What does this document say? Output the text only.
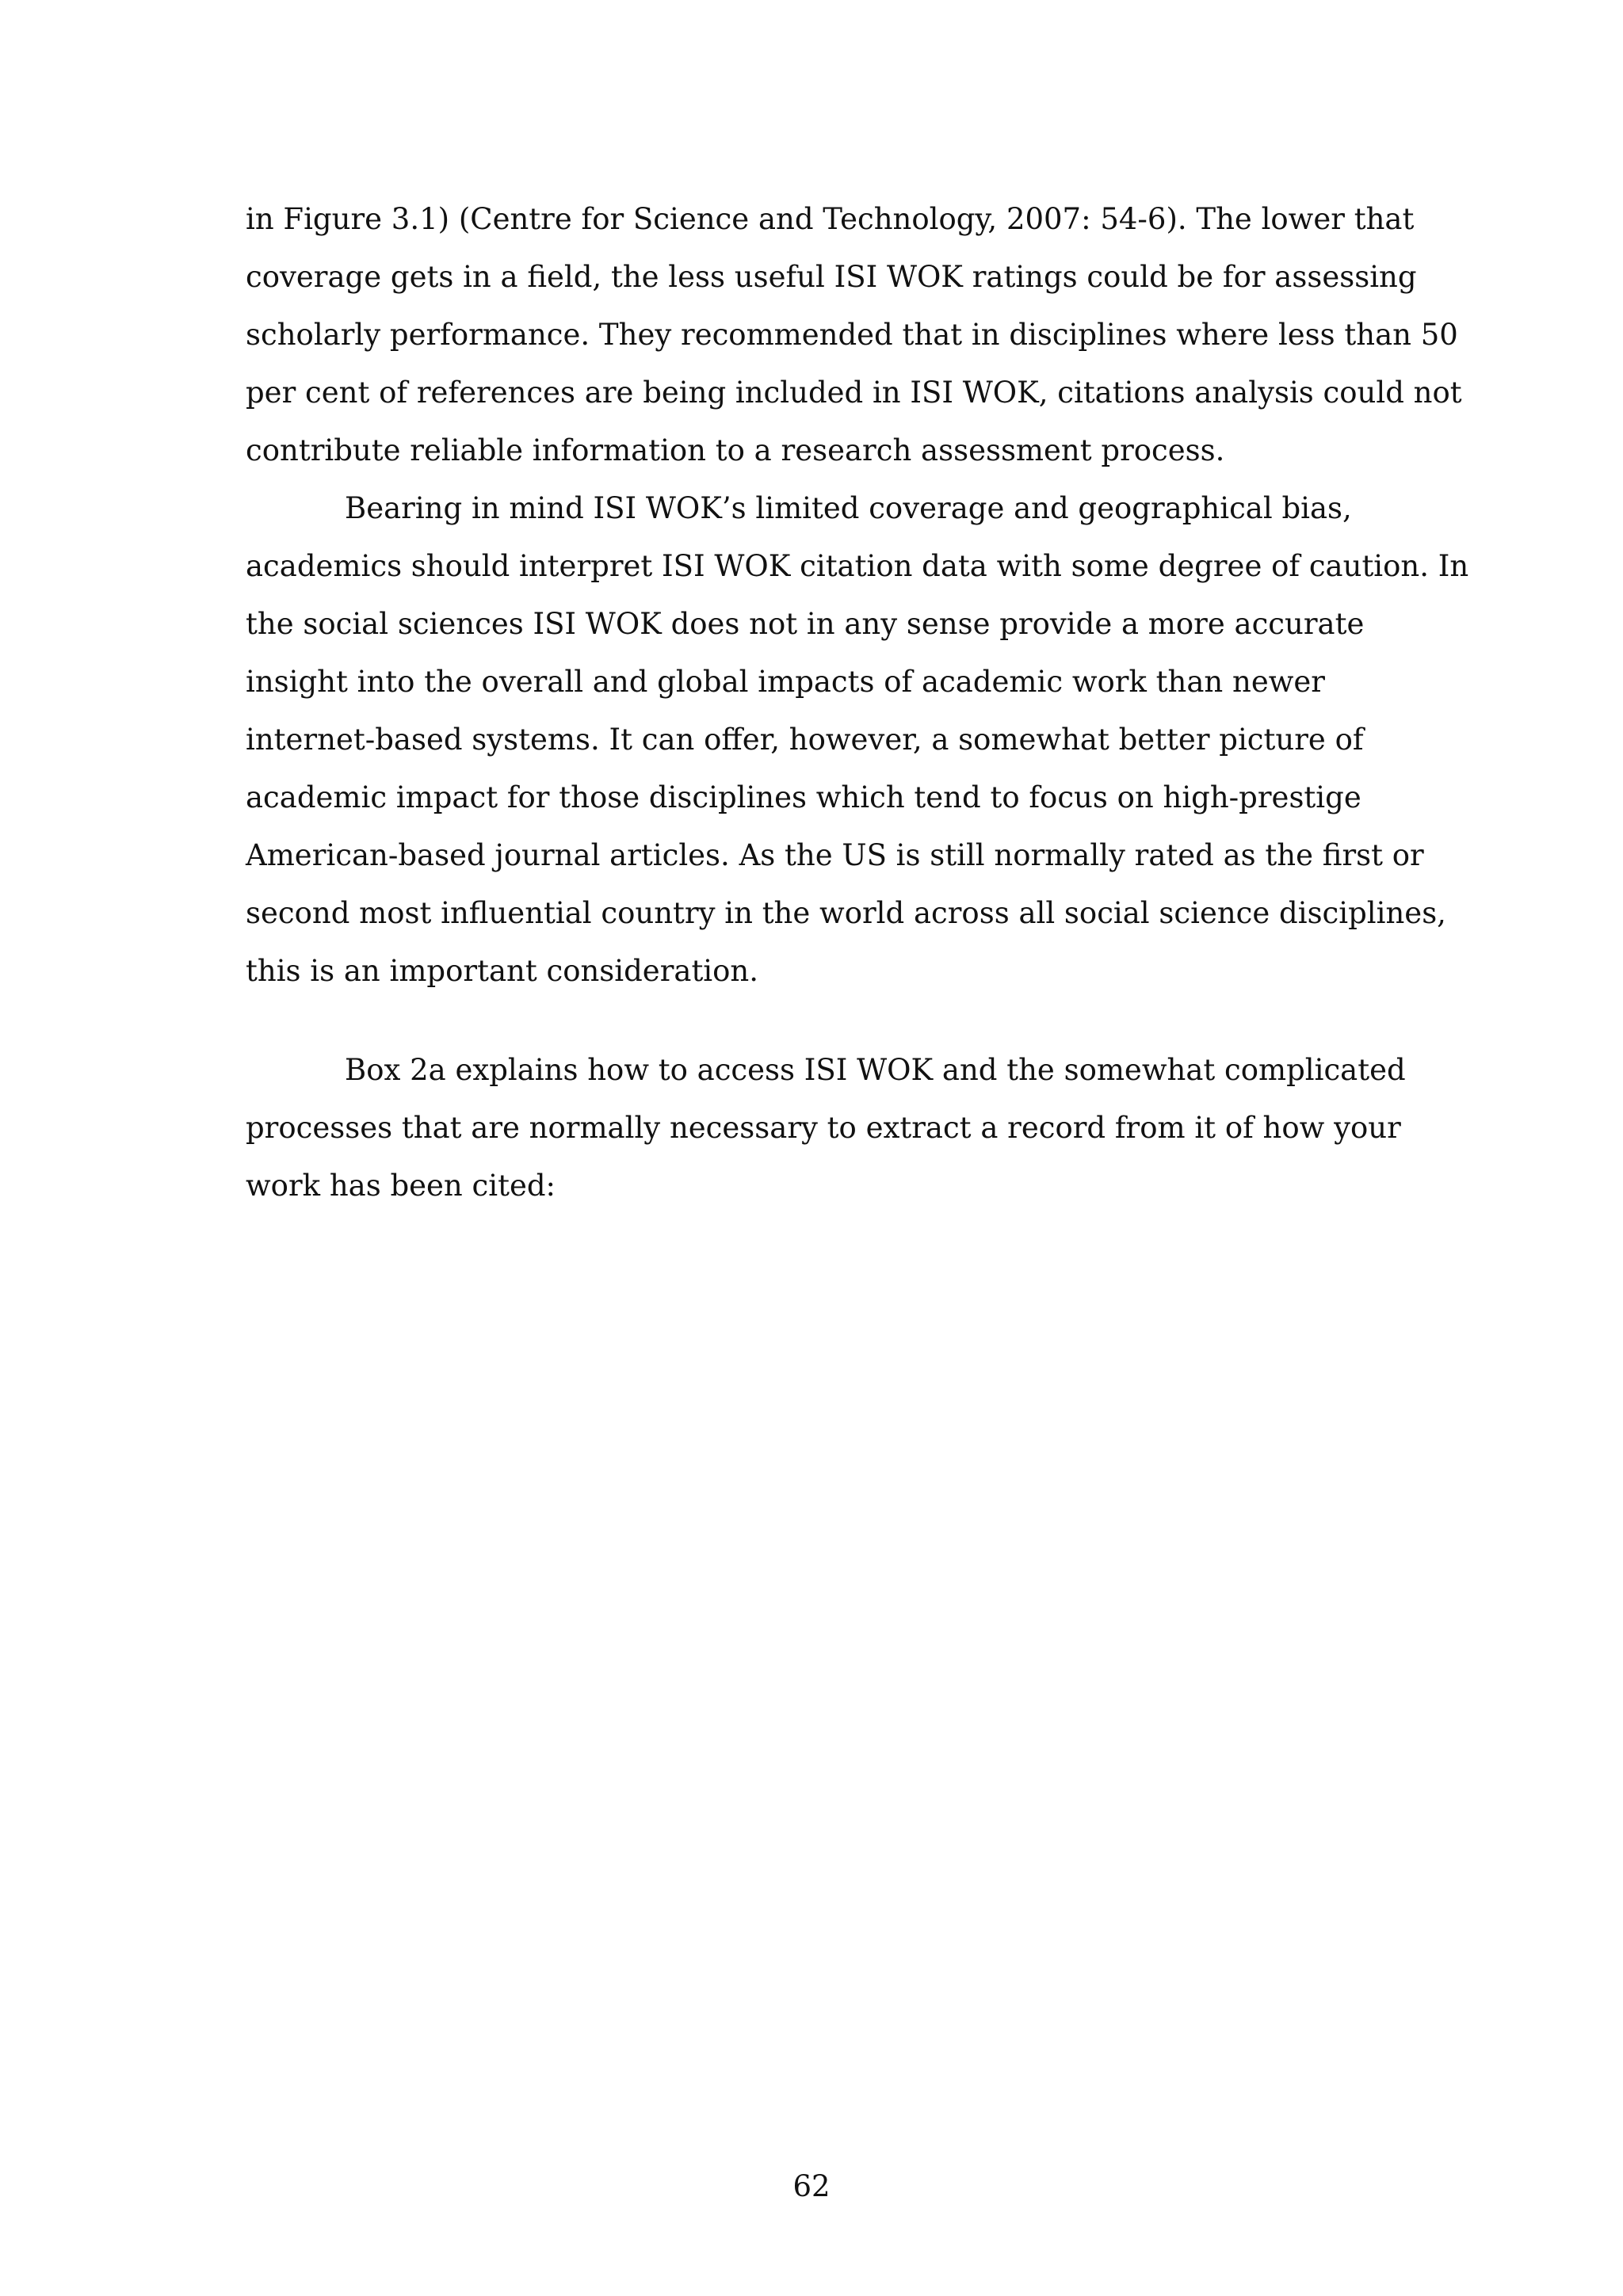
in Figure 3.1) (Centre for Science and Technology, 2007: 54-6). The lower that
coverage gets in a field, the less useful ISI WOK ratings could be for assessing
scholarly performance. They recommended that in disciplines where less than 50
per cent of references are being included in ISI WOK, citations analysis could not
contribute reliable information to a research assessment process.

Bearing in mind ISI WOK’s limited coverage and geographical bias,
academics should interpret ISI WOK citation data with some degree of caution. In
the social sciences ISI WOK does not in any sense provide a more accurate
insight into the overall and global impacts of academic work than newer
internet-based systems. It can offer, however, a somewhat better picture of
academic impact for those disciplines which tend to focus on high-prestige
American-based journal articles. As the US is still normally rated as the first or
second most influential country in the world across all social science disciplines,
this is an important consideration.

Box 2a explains how to access ISI WOK and the somewhat complicated
processes that are normally necessary to extract a record from it of how your
work has been cited:

62
